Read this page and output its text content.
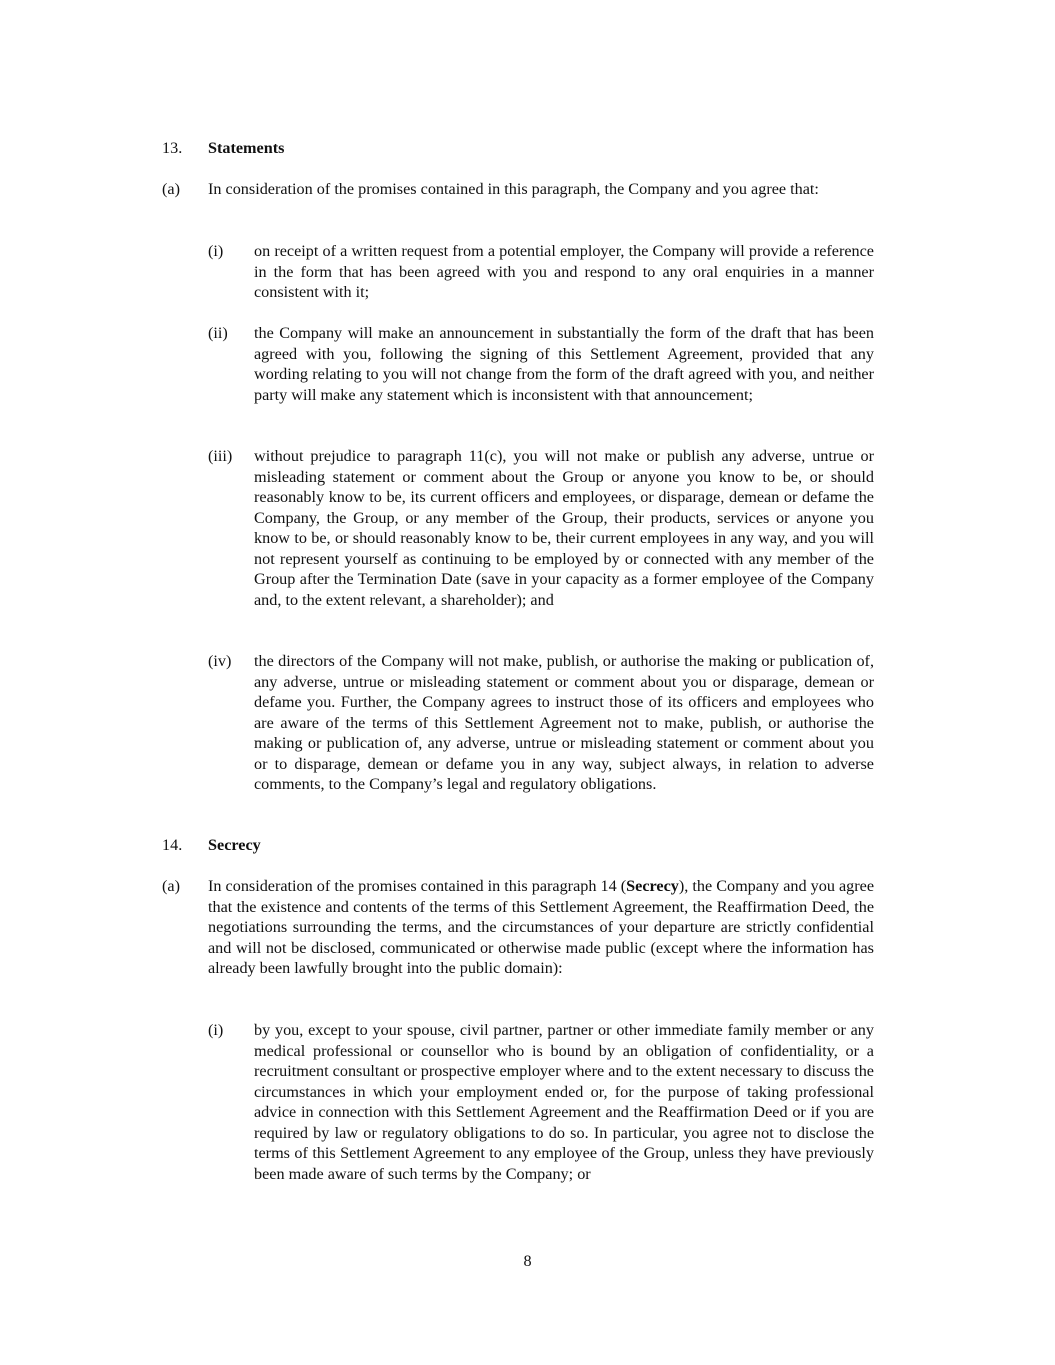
13. Statements
(a) In consideration of the promises contained in this paragraph, the Company and you agree that:
(i) on receipt of a written request from a potential employer, the Company will provide a reference in the form that has been agreed with you and respond to any oral enquiries in a manner consistent with it;
(ii) the Company will make an announcement in substantially the form of the draft that has been agreed with you, following the signing of this Settlement Agreement, provided that any wording relating to you will not change from the form of the draft agreed with you, and neither party will make any statement which is inconsistent with that announcement;
(iii) without prejudice to paragraph 11(c), you will not make or publish any adverse, untrue or misleading statement or comment about the Group or anyone you know to be, or should reasonably know to be, its current officers and employees, or disparage, demean or defame the Company, the Group, or any member of the Group, their products, services or anyone you know to be, or should reasonably know to be, their current employees in any way, and you will not represent yourself as continuing to be employed by or connected with any member of the Group after the Termination Date (save in your capacity as a former employee of the Company and, to the extent relevant, a shareholder); and
(iv) the directors of the Company will not make, publish, or authorise the making or publication of, any adverse, untrue or misleading statement or comment about you or disparage, demean or defame you. Further, the Company agrees to instruct those of its officers and employees who are aware of the terms of this Settlement Agreement not to make, publish, or authorise the making or publication of, any adverse, untrue or misleading statement or comment about you or to disparage, demean or defame you in any way, subject always, in relation to adverse comments, to the Company’s legal and regulatory obligations.
14. Secrecy
(a) In consideration of the promises contained in this paragraph 14 (Secrecy), the Company and you agree that the existence and contents of the terms of this Settlement Agreement, the Reaffirmation Deed, the negotiations surrounding the terms, and the circumstances of your departure are strictly confidential and will not be disclosed, communicated or otherwise made public (except where the information has already been lawfully brought into the public domain):
(i) by you, except to your spouse, civil partner, partner or other immediate family member or any medical professional or counsellor who is bound by an obligation of confidentiality, or a recruitment consultant or prospective employer where and to the extent necessary to discuss the circumstances in which your employment ended or, for the purpose of taking professional advice in connection with this Settlement Agreement and the Reaffirmation Deed or if you are required by law or regulatory obligations to do so. In particular, you agree not to disclose the terms of this Settlement Agreement to any employee of the Group, unless they have previously been made aware of such terms by the Company; or
8
